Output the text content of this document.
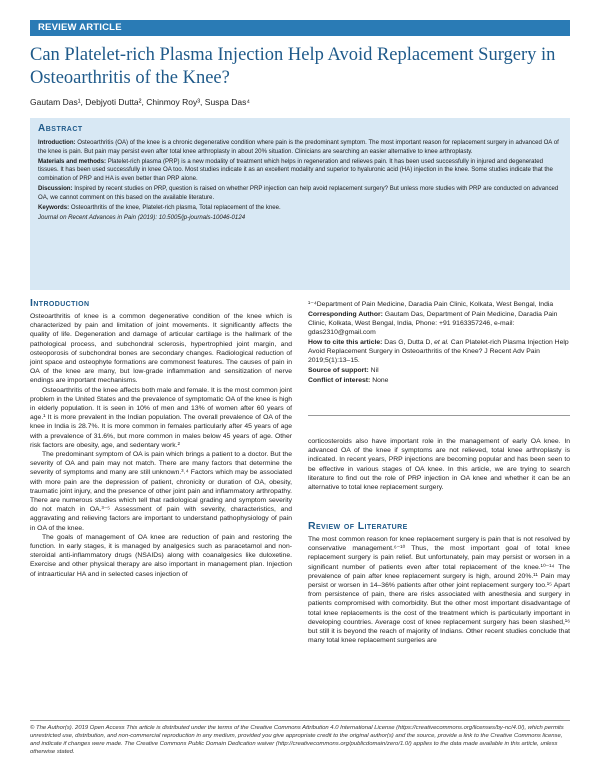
REVIEW ARTICLE
Can Platelet-rich Plasma Injection Help Avoid Replacement Surgery in Osteoarthritis of the Knee?
Gautam Das¹, Debjyoti Dutta², Chinmoy Roy³, Suspa Das⁴
Abstract

Introduction: Osteoarthritis (OA) of the knee is a chronic degenerative condition where pain is the predominant symptom. The most important reason for replacement surgery in advanced OA of the knee is pain. But pain may persist even after total knee arthroplasty in about 20% situation. Clinicians are searching an easier alternative to knee arthroplasty.

Materials and methods: Platelet-rich plasma (PRP) is a new modality of treatment which helps in regeneration and relieves pain. It has been used successfully in injured and degenerated tissues. It has been used successfully in knee OA too. Most studies indicate it as an excellent modality and superior to hyaluronic acid (HA) injection in the knee. Some studies indicate that the combination of PRP and HA is even better than PRP alone.

Discussion: Inspired by recent studies on PRP, question is raised on whether PRP injection can help avoid replacement surgery? But unless more studies with PRP are conducted on advanced OA, we cannot comment on this based on the available literature.

Keywords: Osteoarthritis of the knee, Platelet-rich plasma, Total replacement of the knee.

Journal on Recent Advances in Pain (2019): 10.5005/jp-journals-10046-0124

Introduction

Osteoarthritis of knee is a common degenerative condition of the knee which is characterized by pain and limitation of joint movements. It significantly affects the quality of life. Degeneration and damage of articular cartilage is the hallmark of the pathological process, and subchondral sclerosis, hypertrophied joint margin, and osteoporosis of subchondral bones are secondary changes. Radiological reduction of joint space and osteophyte formations are commonest features. The causes of pain in OA of the knee are many, but low-grade inflammation and sensitization of nerve endings are important mechanisms.

Osteoarthritis of the knee affects both male and female. It is the most common joint problem in the United States and the prevalence of symptomatic OA of the knee is high in elderly population. It is seen in 10% of men and 13% of women after 60 years of age.¹ It is more prevalent in the Indian population. The overall prevalence of OA of the knee in India is 28.7%. It is more common in females particularly after 45 years of age with a prevalence of 31.6%, but more common in males below 45 years of age. Other risk factors are obesity, age, and sedentary work.²

The predominant symptom of OA is pain which brings a patient to a doctor. But the severity of OA and pain may not match. There are many factors that determine the severity of symptoms and many are still unknown.³˒⁴ Factors which may be associated with more pain are the depression of patient, chronicity or duration of OA, obesity, traumatic joint injury, and the presence of other joint pain and inflammatory arthropathy. There are numerous studies which tell that radiological grading and symptom severity do not match in OA.³⁻⁵ Assessment of pain with severity, characteristics, and aggravating and relieving factors are important to understand pathophysiology of pain in OA of the knee.

The goals of management of OA knee are reduction of pain and restoring the function. In early stages, it is managed by analgesics such as paracetamol and non-steroidal anti-inflammatory drugs (NSAIDs) along with coanalgesics like duloxetine. Exercise and other physical therapy are also important in management plan. Injection of intraarticular HA and in selected cases injection of

¹⁻⁴Department of Pain Medicine, Daradia Pain Clinic, Kolkata, West Bengal, India

Corresponding Author: Gautam Das, Department of Pain Medicine, Daradia Pain Clinic, Kolkata, West Bengal, India, Phone: +91 9163357246, e-mail: gdas2310@gmail.com

How to cite this article: Das G, Dutta D, et al. Can Platelet-rich Plasma Injection Help Avoid Replacement Surgery in Osteoarthritis of the Knee? J Recent Adv Pain 2019;5(1):13–15.

Source of support: Nil

Conflict of interest: None

corticosteroids also have important role in the management of early OA knee. In advanced OA of the knee if symptoms are not relieved, total knee arthroplasty is indicated. In recent years, PRP injections are becoming popular and has been seen to be effective in various stages of OA knee. In this article, we are trying to search literature to find out the role of PRP injection in OA knee and whether it can be an alternative to total knee replacement surgery.

Review of Literature

The most common reason for knee replacement surgery is pain that is not resolved by conservative management.⁶⁻¹⁰ Thus, the most important goal of total knee replacement surgery is pain relief. But unfortunately, pain may persist or worsen in a significant number of patients even after total replacement of the knee.¹⁰⁻¹⁴ The prevalence of pain after knee replacement surgery is high, around 20%.¹¹ Pain may persist or worsen in 14–36% patients after other joint replacement surgery too.¹⁵ Apart from persistence of pain, there are risks associated with anesthesia and surgery in patients compromised with comorbidity. But the other most important disadvantage of total knee replacements is the cost of the treatment which is particularly important in developing countries. Average cost of knee replacement surgery has been slashed,¹⁶ but still it is beyond the reach of majority of Indians. Other recent studies conclude that many total knee replacement surgeries are

© The Author(s). 2019 Open Access This article is distributed under the terms of the Creative Commons Attribution 4.0 International License (https://creativecommons.org/licenses/by-nc/4.0/), which permits unrestricted use, distribution, and non-commercial reproduction in any medium, provided you give appropriate credit to the original author(s) and the source, provide a link to the Creative Commons license, and indicate if changes were made. The Creative Commons Public Domain Dedication waiver (http://creativecommons.org/publicdomain/zero/1.0/) applies to the data made available in this article, unless otherwise stated.
